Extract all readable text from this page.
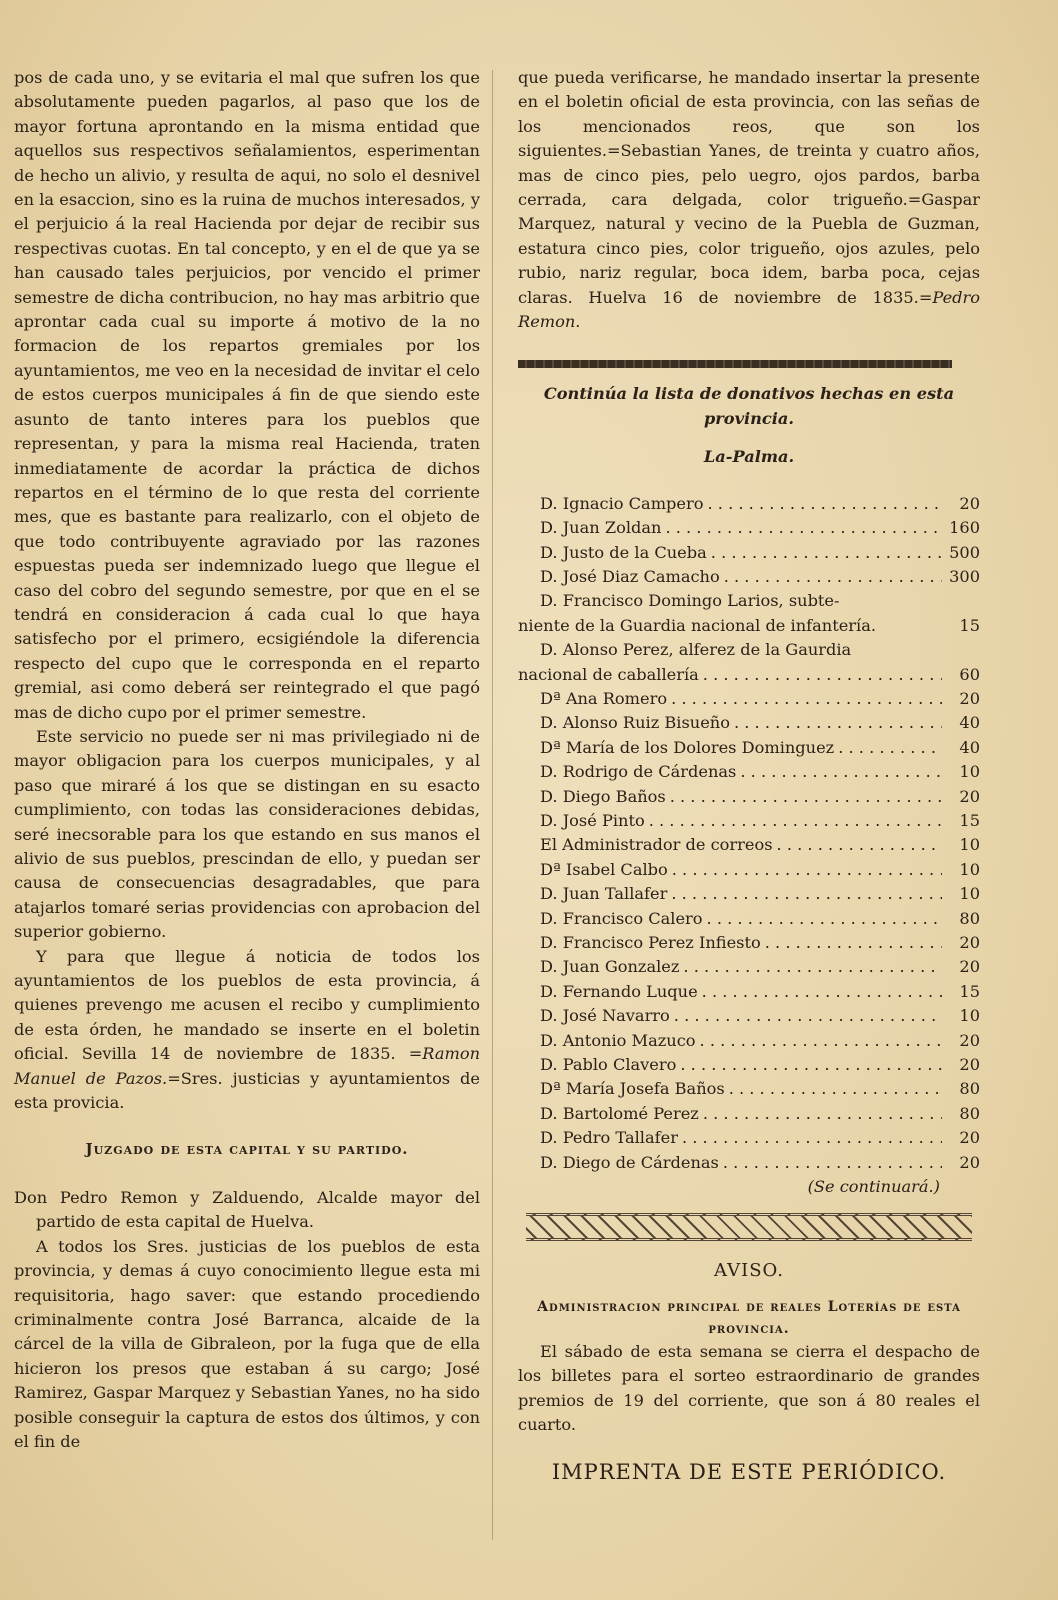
pos de cada uno, y se evitaria el mal que sufren los que absolutamente pueden pagarlos, al paso que los de mayor fortuna aprontando en la misma entidad que aquellos sus respectivos señalamientos, esperimentan de hecho un alivio, y resulta de aqui, no solo el desnivel en la esaccion, sino es la ruina de muchos interesados, y el perjuicio á la real Hacienda por dejar de recibir sus respectivas cuotas. En tal concepto, y en el de que ya se han causado tales perjuicios, por vencido el primer semestre de dicha contribucion, no hay mas arbitrio que aprontar cada cual su importe á motivo de la no formacion de los repartos gremiales por los ayuntamientos, me veo en la necesidad de invitar el celo de estos cuerpos municipales á fin de que siendo este asunto de tanto interes para los pueblos que representan, y para la misma real Hacienda, traten inmediatamente de acordar la práctica de dichos repartos en el término de lo que resta del corriente mes, que es bastante para realizarlo, con el objeto de que todo contribuyente agraviado por las razones espuestas pueda ser indemnizado luego que llegue el caso del cobro del segundo semestre, por que en el se tendrá en consideracion á cada cual lo que haya satisfecho por el primero, ecsigiéndole la diferencia respecto del cupo que le corresponda en el reparto gremial, asi como deberá ser reintegrado el que pagó mas de dicho cupo por el primer semestre.

Este servicio no puede ser ni mas privilegiado ni de mayor obligacion para los cuerpos municipales, y al paso que miraré á los que se distingan en su esacto cumplimiento, con todas las consideraciones debidas, seré inecsorable para los que estando en sus manos el alivio de sus pueblos, prescindan de ello, y puedan ser causa de consecuencias desagradables, que para atajarlos tomaré serias providencias con aprobacion del superior gobierno.

Y para que llegue á noticia de todos los ayuntamientos de los pueblos de esta provincia, á quienes prevengo me acusen el recibo y cumplimiento de esta órden, he mandado se inserte en el boletin oficial. Sevilla 14 de noviembre de 1835. =Ramon Manuel de Pazos.=Sres. justicias y ayuntamientos de esta provicia.

Juzgado de esta capital y su partido.

Don Pedro Remon y Zalduendo, Alcalde mayor del partido de esta capital de Huelva.

A todos los Sres. justicias de los pueblos de esta provincia, y demas á cuyo conocimiento llegue esta mi requisitoria, hago saver: que estando procediendo criminalmente contra José Barranca, alcaide de la cárcel de la villa de Gibraleon, por la fuga que de ella hicieron los presos que estaban á su cargo; José Ramirez, Gaspar Marquez y Sebastian Yanes, no ha sido posible conseguir la captura de estos dos últimos, y con el fin de

que pueda verificarse, he mandado insertar la presente en el boletin oficial de esta provincia, con las señas de los mencionados reos, que son los siguientes.=Sebastian Yanes, de treinta y cuatro años, mas de cinco pies, pelo uegro, ojos pardos, barba cerrada, cara delgada, color trigueño.=Gaspar Marquez, natural y vecino de la Puebla de Guzman, estatura cinco pies, color trigueño, ojos azules, pelo rubio, nariz regular, boca idem, barba poca, cejas claras. Huelva 16 de noviembre de 1835.=Pedro Remon.

Continúa la lista de donativos hechas en esta provincia.

La-Palma.

D. Ignacio Campero . . .	20
D. Juan Zoldan . . .	160
D. Justo de la Cueba . . .	500
D. José Diaz Camacho . . .	300
D. Francisco Domingo Larios, subte-
niente de la Guardia nacional de infantería.	15
D. Alonso Perez, alferez de la Gaurdia
nacional de caballería . . .	60
Dª Ana Romero . . .	20
D. Alonso Ruiz Bisueño . . .	40
Dª María de los Dolores Dominguez . . .	40
D. Rodrigo de Cárdenas . . .	10
D. Diego Baños . . .	20
D. José Pinto . . .	15
El Administrador de correos . . .	10
Dª Isabel Calbo . . .	10
D. Juan Tallafer . . .	10
D. Francisco Calero . . .	80
D. Francisco Perez Infiesto . . .	20
D. Juan Gonzalez . . .	20
D. Fernando Luque . . .	15
D. José Navarro . . .	10
D. Antonio Mazuco . . .	20
D. Pablo Clavero . . .	20
Dª María Josefa Baños . . .	80
D. Bartolomé Perez . . .	80
D. Pedro Tallafer . . .	20
D. Diego de Cárdenas . . .	20

(Se continuará.)

AVISO.

Administracion principal de reales Loterías de esta provincia.

El sábado de esta semana se cierra el despacho de los billetes para el sorteo estraordinario de grandes premios de 19 del corriente, que son á 80 reales el cuarto.

IMPRENTA DE ESTE PERIÓDICO.
